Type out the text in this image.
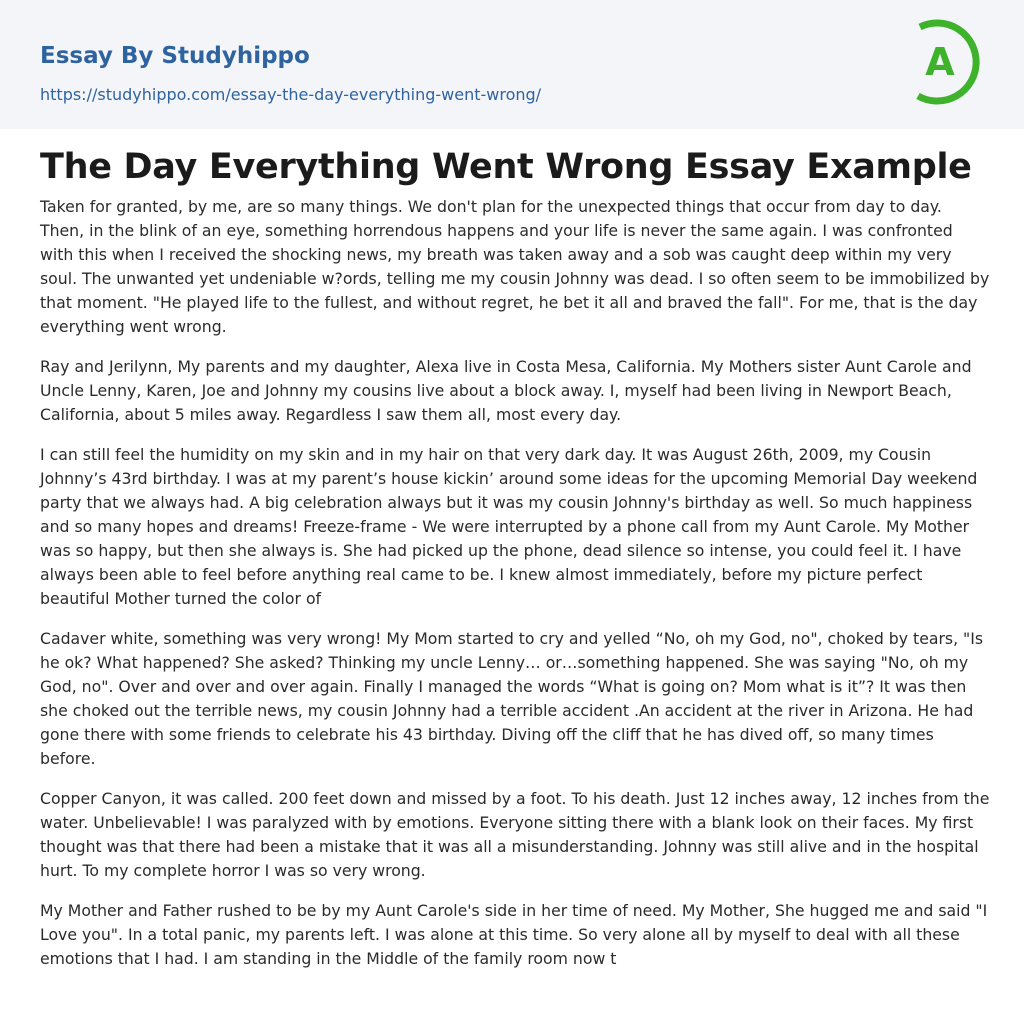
Essay By Studyhippo
https://studyhippo.com/essay-the-day-everything-went-wrong/
A
The Day Everything Went Wrong Essay Example

Taken for granted, by me, are so many things. We don't plan for the unexpected things that occur from day to day. Then, in the blink of an eye, something horrendous happens and your life is never the same again. I was confronted with this when I received the shocking news, my breath was taken away and a sob was caught deep within my very soul. The unwanted yet undeniable w?ords, telling me my cousin Johnny was dead. I so often seem to be immobilized by that moment. "He played life to the fullest, and without regret, he bet it all and braved the fall". For me, that is the day everything went wrong.

Ray and Jerilynn, My parents and my daughter, Alexa live in Costa Mesa, California. My Mothers sister Aunt Carole and Uncle Lenny, Karen, Joe and Johnny my cousins live about a block away. I, myself had been living in Newport Beach, California, about 5 miles away. Regardless I saw them all, most every day.

I can still feel the humidity on my skin and in my hair on that very dark day. It was August 26th, 2009, my Cousin Johnny’s 43rd birthday. I was at my parent’s house kickin’ around some ideas for the upcoming Memorial Day weekend party that we always had. A big celebration always but it was my cousin Johnny's birthday as well. So much happiness and so many hopes and dreams! Freeze-frame - We were interrupted by a phone call from my Aunt Carole. My Mother was so happy, but then she always is. She had picked up the phone, dead silence so intense, you could feel it. I have always been able to feel before anything real came to be. I knew almost immediately, before my picture perfect beautiful Mother turned the color of

Cadaver white, something was very wrong! My Mom started to cry and yelled “No, oh my God, no", choked by tears, "Is he ok? What happened? She asked? Thinking my uncle Lenny… or…something happened. She was saying "No, oh my God, no". Over and over and over again. Finally I managed the words “What is going on? Mom what is it”? It was then she choked out the terrible news, my cousin Johnny had a terrible accident .An accident at the river in Arizona. He had gone there with some friends to celebrate his 43 birthday. Diving off the cliff that he has dived off, so many times before.

Copper Canyon, it was called. 200 feet down and missed by a foot. To his death. Just 12 inches away, 12 inches from the water. Unbelievable! I was paralyzed with by emotions. Everyone sitting there with a blank look on their faces. My first thought was that there had been a mistake that it was all a misunderstanding. Johnny was still alive and in the hospital hurt. To my complete horror I was so very wrong.

My Mother and Father rushed to be by my Aunt Carole's side in her time of need. My Mother, She hugged me and said "I Love you". In a total panic, my parents left. I was alone at this time. So very alone all by myself to deal with all these emotions that I had. I am standing in the Middle of the family room now t
